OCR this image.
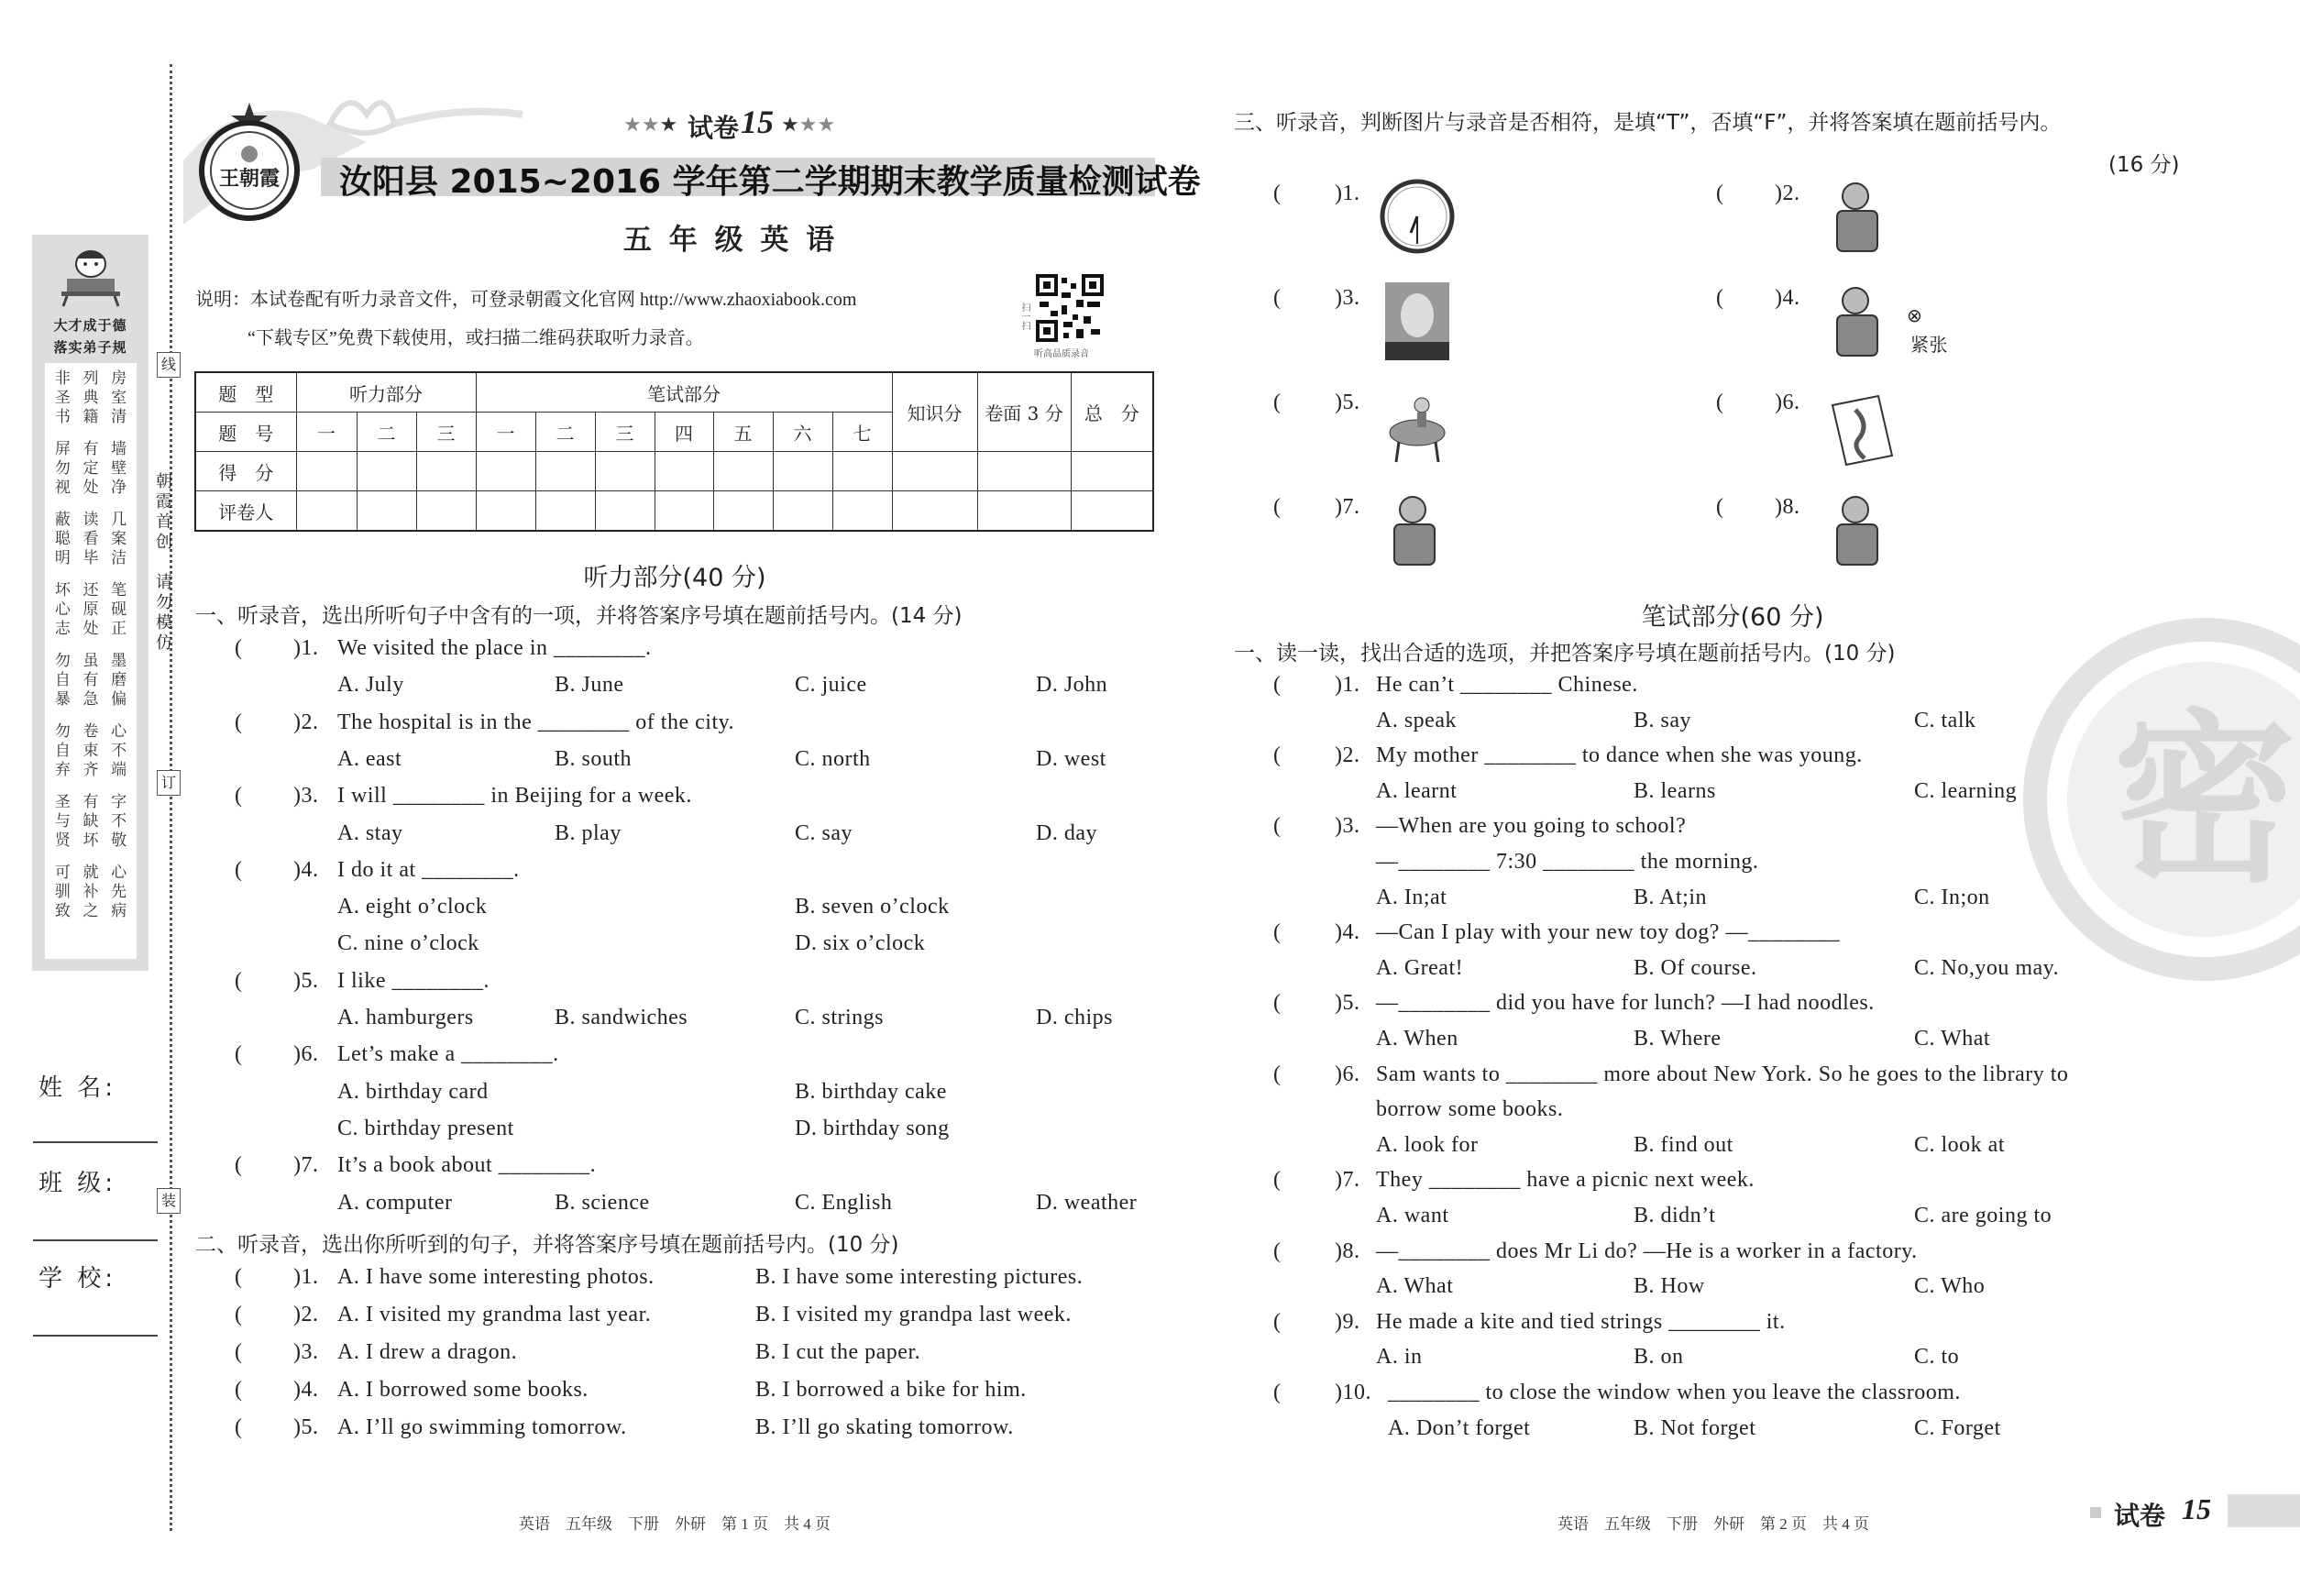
线
订
装
朝霞首创　请勿模仿
大才成于德
落实弟子规
非 列 房
圣 典 室
书 籍 清
屏 有 墙
勿 定 壁
视 处 净
蔽 读 几
聪 看 案
明 毕 洁
坏 还 笔
心 原 砚
志 处 正
勿 虽 墨
自 有 磨
暴 急 偏
勿 卷 心
自 束 不
弃 齐 端
圣 有 字
与 缺 不
贤 坏 敬
可 就 心
驯 补 先
致 之 病
姓 名:
班 级:
学 校:
王朝霞
★★★ 试卷 15 ★★★
汝阳县 2015~2016 学年第二学期期末教学质量检测试卷
五 年 级 英 语
说明：本试卷配有听力录音文件，可登录朝霞文化官网 http://www.zhaoxiabook.com
“下载专区”免费下载使用，或扫描二维码获取听力录音。
扫一扫
听高品质录音
题　型	听力部分			笔试部分							知识分	卷面 3 分	总　分
题　号	一	二	三	一	二	三	四	五	六	七			
得　分													
评卷人													
听力部分(40 分)
一、听录音，选出所听句子中含有的一项，并将答案序号填在题前括号内。(14 分)
( )1. We visited the place in ________.
A. July	B. June	C. juice	D. John
( )2. The hospital is in the ________ of the city.
A. east	B. south	C. north	D. west
( )3. I will ________ in Beijing for a week.
A. stay	B. play	C. say	D. day
( )4. I do it at ________.
A. eight o’clock	B. seven o’clock
C. nine o’clock	D. six o’clock
( )5. I like ________.
A. hamburgers	B. sandwiches	C. strings	D. chips
( )6. Let’s make a ________.
A. birthday card	B. birthday cake
C. birthday present	D. birthday song
( )7. It’s a book about ________.
A. computer	B. science	C. English	D. weather
二、听录音，选出你所听到的句子，并将答案序号填在题前括号内。(10 分)
( )1. A. I have some interesting photos.	B. I have some interesting pictures.
( )2. A. I visited my grandma last year.	B. I visited my grandpa last week.
( )3. A. I drew a dragon.	B. I cut the paper.
( )4. A. I borrowed some books.	B. I borrowed a bike for him.
( )5. A. I’ll go swimming tomorrow.	B. I’ll go skating tomorrow.
三、听录音，判断图片与录音是否相符，是填“T”，否填“F”，并将答案填在题前括号内。
(16 分)
( )1.	( )2.
( )3.	( )4.
⊗
紧张
( )5.	( )6.
( )7.	( )8.
笔试部分(60 分)
一、读一读，找出合适的选项，并把答案序号填在题前括号内。(10 分)
( )1. He can’t ________ Chinese.
A. speak	B. say	C. talk
( )2. My mother ________ to dance when she was young.
A. learnt	B. learns	C. learning
( )3. —When are you going to school?
—________ 7:30 ________ the morning.
A. In;at	B. At;in	C. In;on
( )4. —Can I play with your new toy dog? —________
A. Great!	B. Of course.	C. No,you may.
( )5. —________ did you have for lunch? —I had noodles.
A. When	B. Where	C. What
( )6. Sam wants to ________ more about New York. So he goes to the library to
borrow some books.
A. look for	B. find out	C. look at
( )7. They ________ have a picnic next week.
A. want	B. didn’t	C. are going to
( )8. —________ does Mr Li do? —He is a worker in a factory.
A. What	B. How	C. Who
( )9. He made a kite and tied strings ________ it.
A. in	B. on	C. to
( )10. ________ to close the window when you leave the classroom.
A. Don’t forget	B. Not forget	C. Forget
密
英语　五年级　下册　外研　第 1 页　共 4 页	英语　五年级　下册　外研　第 2 页　共 4 页	试卷 15
